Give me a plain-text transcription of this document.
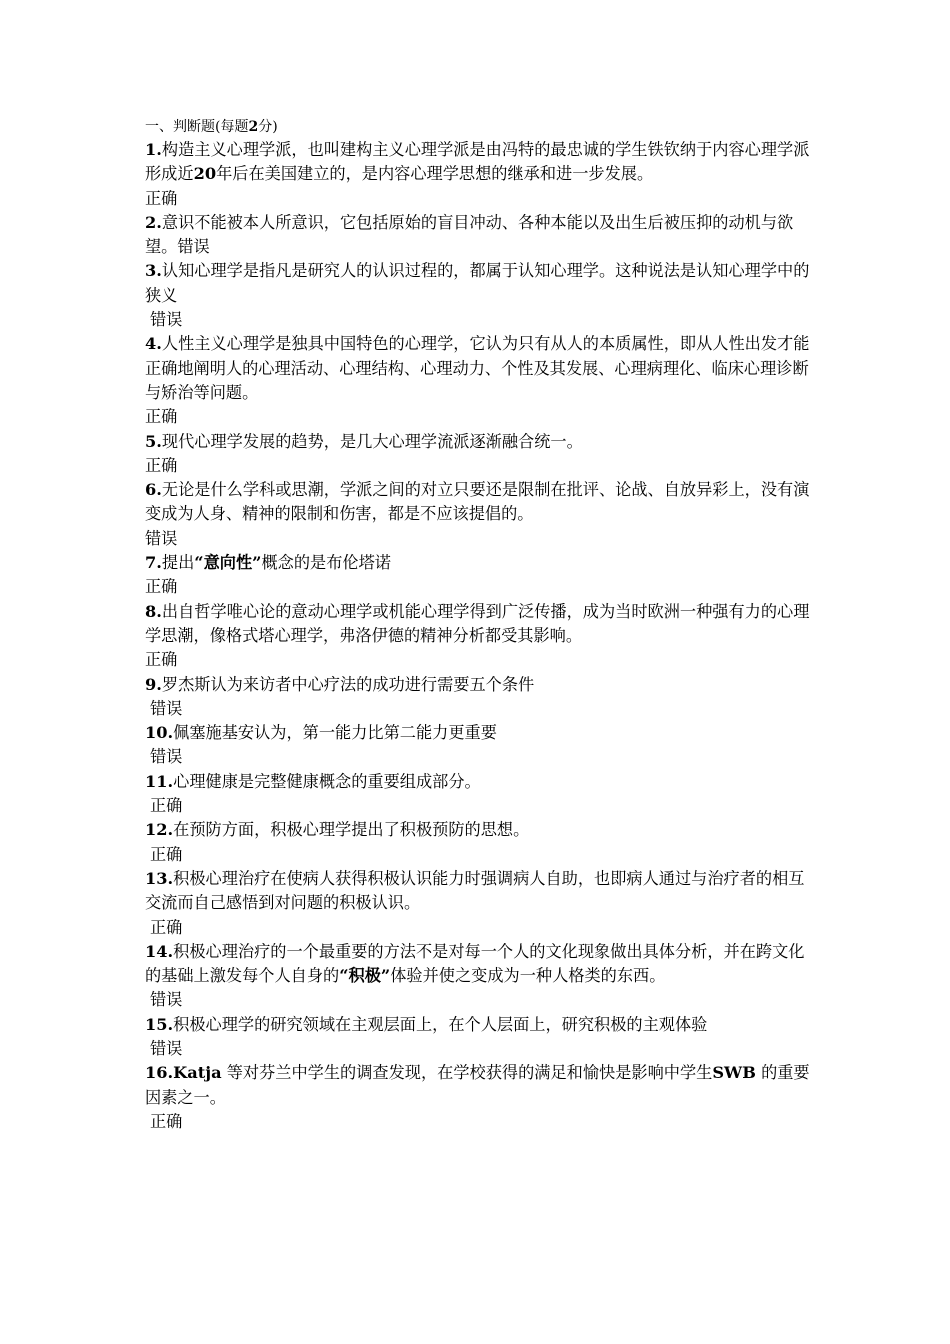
一、判断题(每题2分)

1.构造主义心理学派，也叫建构主义心理学派是由冯特的最忠诚的学生铁钦纳于内容心理学派形成近20年后在美国建立的，是内容心理学思想的继承和进一步发展。

正确

2.意识不能被本人所意识，它包括原始的盲目冲动、各种本能以及出生后被压抑的动机与欲望。错误

3.认知心理学是指凡是研究人的认识过程的，都属于认知心理学。这种说法是认知心理学中的狭义

错误

4.人性主义心理学是独具中国特色的心理学，它认为只有从人的本质属性，即从人性出发才能正确地阐明人的心理活动、心理结构、心理动力、个性及其发展、心理病理化、临床心理诊断与矫治等问题。

正确

5.现代心理学发展的趋势，是几大心理学流派逐渐融合统一。

正确

6.无论是什么学科或思潮，学派之间的对立只要还是限制在批评、论战、自放异彩上，没有演变成为人身、精神的限制和伤害，都是不应该提倡的。

错误

7.提出“意向性”概念的是布伦塔诺

正确

8.出自哲学唯心论的意动心理学或机能心理学得到广泛传播，成为当时欧洲一种强有力的心理学思潮，像格式塔心理学，弗洛伊德的精神分析都受其影响。

正确

9.罗杰斯认为来访者中心疗法的成功进行需要五个条件

错误

10.佩塞施基安认为，第一能力比第二能力更重要

错误

11.心理健康是完整健康概念的重要组成部分。

正确

12.在预防方面，积极心理学提出了积极预防的思想。

正确

13.积极心理治疗在使病人获得积极认识能力时强调病人自助，也即病人通过与治疗者的相互交流而自己感悟到对问题的积极认识。

正确

14.积极心理治疗的一个最重要的方法不是对每一个人的文化现象做出具体分析，并在跨文化的基础上激发每个人自身的“积极”体验并使之变成为一种人格类的东西。

错误

15.积极心理学的研究领域在主观层面上，在个人层面上，研究积极的主观体验

错误

16.Katja 等对芬兰中学生的调查发现，在学校获得的满足和愉快是影响中学生SWB 的重要因素之一。

正确
